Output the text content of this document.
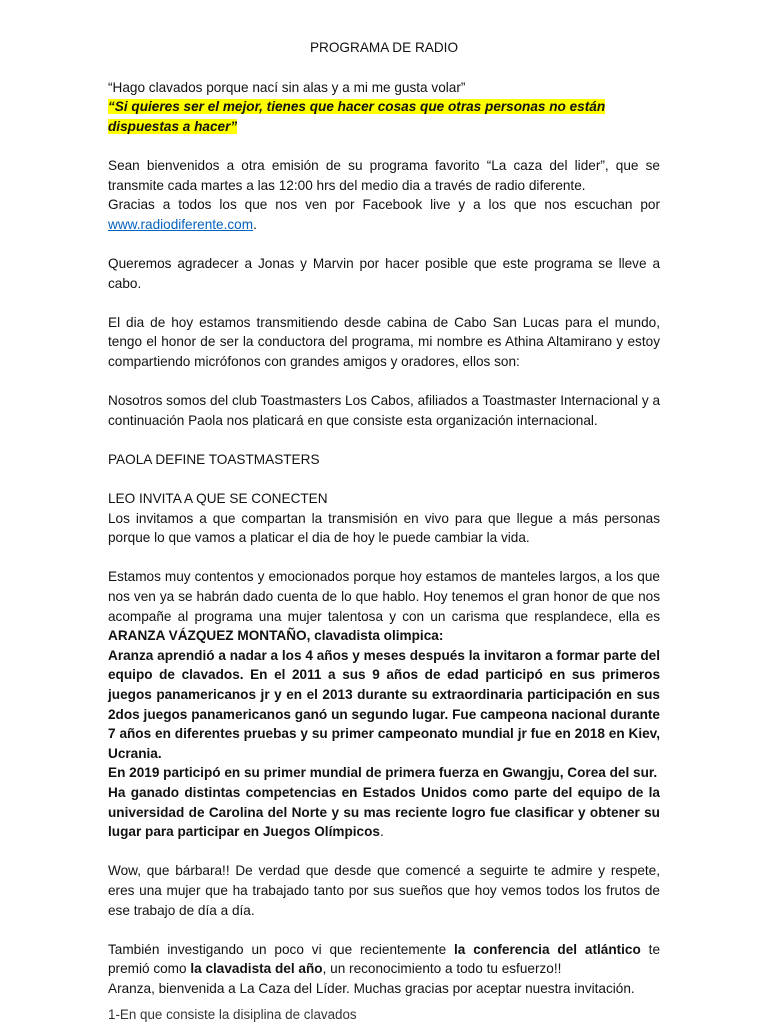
PROGRAMA DE RADIO

“Hago clavados porque nací sin alas y a mi me gusta volar”

“Si quieres ser el mejor, tienes que hacer cosas que otras personas no están dispuestas a hacer”

Sean bienvenidos a otra emisión de su programa favorito “La caza del lider”, que se transmite cada martes a las 12:00 hrs del medio dia a través de radio diferente.

Gracias a todos los que nos ven por Facebook live y a los que nos escuchan por www.radiodiferente.com.

Queremos agradecer a Jonas y Marvin por hacer posible que este programa se lleve a cabo.

El dia de hoy estamos transmitiendo desde cabina de Cabo San Lucas para el mundo, tengo el honor de ser la conductora del programa, mi nombre es Athina Altamirano y estoy compartiendo micrófonos con grandes amigos y oradores, ellos son:

Nosotros somos del club Toastmasters Los Cabos, afiliados a Toastmaster Internacional y a continuación Paola nos platicará en que consiste esta organización internacional.

PAOLA DEFINE TOASTMASTERS

LEO INVITA A QUE SE CONECTEN

Los invitamos a que compartan la transmisión en vivo para que llegue a más personas porque lo que vamos a platicar el dia de hoy le puede cambiar la vida.

Estamos muy contentos y emocionados porque hoy estamos de manteles largos, a los que nos ven ya se habrán dado cuenta de lo que hablo. Hoy tenemos el gran honor de que nos acompañe al programa una mujer talentosa y con un carisma que resplandece, ella es ARANZA VÁZQUEZ MONTAÑO, clavadista olimpica:

Aranza aprendió a nadar a los 4 años y meses después la invitaron a formar parte del equipo de clavados. En el 2011 a sus 9 años de edad participó en sus primeros juegos panamericanos jr y en el 2013 durante su extraordinaria participación en sus 2dos juegos panamericanos ganó un segundo lugar. Fue campeona nacional durante 7 años en diferentes pruebas y su primer campeonato mundial jr fue en 2018 en Kiev, Ucrania.

En 2019 participó en su primer mundial de primera fuerza en Gwangju, Corea del sur.

Ha ganado distintas competencias en Estados Unidos como parte del equipo de la universidad de Carolina del Norte y su mas reciente logro fue clasificar y obtener su lugar para participar en Juegos Olímpicos.

Wow, que bárbara!! De verdad que desde que comencé a seguirte te admire y respete, eres una mujer que ha trabajado tanto por sus sueños que hoy vemos todos los frutos de ese trabajo de día a día.

También investigando un poco vi que recientemente la conferencia del atlántico te premió como la clavadista del año, un reconocimiento a todo tu esfuerzo!!

Aranza, bienvenida a La Caza del Líder. Muchas gracias por aceptar nuestra invitación.

1-En que consiste la disiplina de clavados
